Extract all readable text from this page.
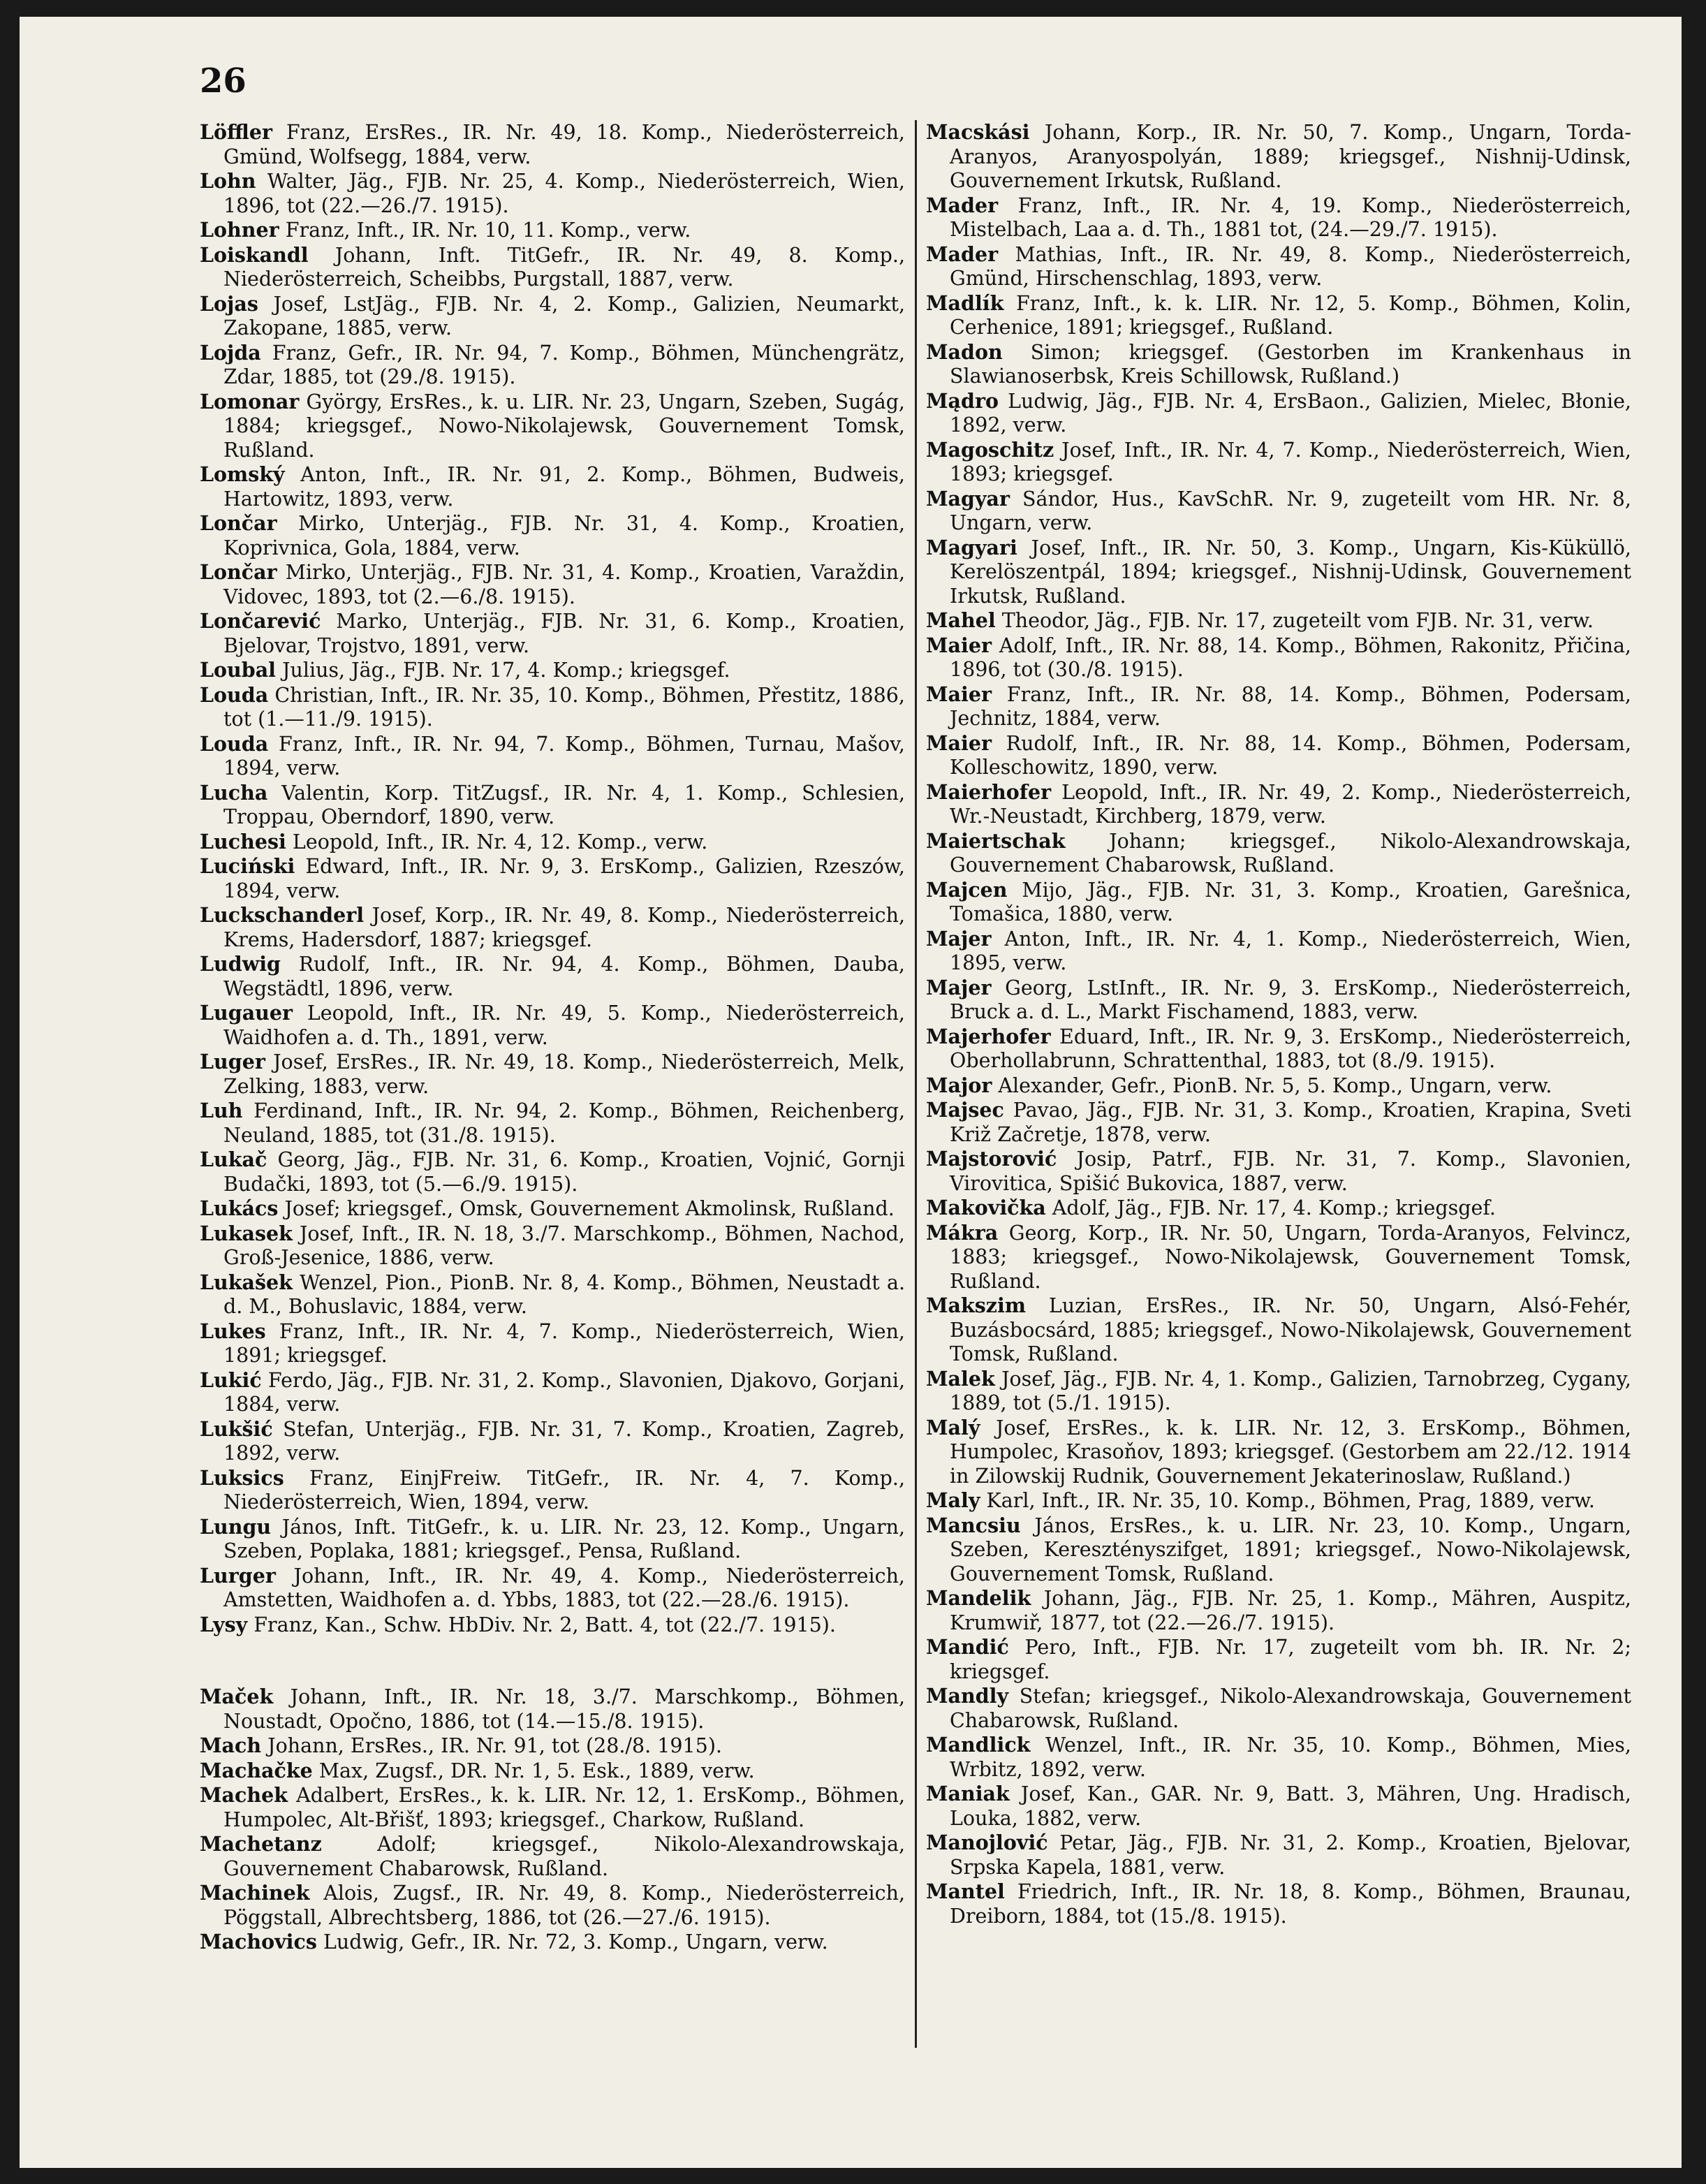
26

Löffler Franz, ErsRes., IR. Nr. 49, 18. Komp., Niederösterreich, Gmünd, Wolfsegg, 1884, verw.

Lohn Walter, Jäg., FJB. Nr. 25, 4. Komp., Niederösterreich, Wien, 1896, tot (22.—26./7. 1915).

Lohner Franz, Inft., IR. Nr. 10, 11. Komp., verw.

Loiskandl Johann, Inft. TitGefr., IR. Nr. 49, 8. Komp., Niederösterreich, Scheibbs, Purgstall, 1887, verw.

Lojas Josef, LstJäg., FJB. Nr. 4, 2. Komp., Galizien, Neumarkt, Zakopane, 1885, verw.

Lojda Franz, Gefr., IR. Nr. 94, 7. Komp., Böhmen, Münchengrätz, Zdar, 1885, tot (29./8. 1915).

Lomonar György, ErsRes., k. u. LIR. Nr. 23, Ungarn, Szeben, Sugág, 1884; kriegsgef., Nowo-Nikolajewsk, Gouvernement Tomsk, Rußland.

Lomský Anton, Inft., IR. Nr. 91, 2. Komp., Böhmen, Budweis, Hartowitz, 1893, verw.

Lončar Mirko, Unterjäg., FJB. Nr. 31, 4. Komp., Kroatien, Koprivnica, Gola, 1884, verw.

Lončar Mirko, Unterjäg., FJB. Nr. 31, 4. Komp., Kroatien, Varaždin, Vidovec, 1893, tot (2.—6./8. 1915).

Lončarević Marko, Unterjäg., FJB. Nr. 31, 6. Komp., Kroatien, Bjelovar, Trojstvo, 1891, verw.

Loubal Julius, Jäg., FJB. Nr. 17, 4. Komp.; kriegsgef.

Louda Christian, Inft., IR. Nr. 35, 10. Komp., Böhmen, Přestitz, 1886, tot (1.—11./9. 1915).

Louda Franz, Inft., IR. Nr. 94, 7. Komp., Böhmen, Turnau, Mašov, 1894, verw.

Lucha Valentin, Korp. TitZugsf., IR. Nr. 4, 1. Komp., Schlesien, Troppau, Oberndorf, 1890, verw.

Luchesi Leopold, Inft., IR. Nr. 4, 12. Komp., verw.

Luciński Edward, Inft., IR. Nr. 9, 3. ErsKomp., Galizien, Rzeszów, 1894, verw.

Luckschanderl Josef, Korp., IR. Nr. 49, 8. Komp., Niederösterreich, Krems, Hadersdorf, 1887; kriegsgef.

Ludwig Rudolf, Inft., IR. Nr. 94, 4. Komp., Böhmen, Dauba, Wegstädtl, 1896, verw.

Lugauer Leopold, Inft., IR. Nr. 49, 5. Komp., Niederösterreich, Waidhofen a. d. Th., 1891, verw.

Luger Josef, ErsRes., IR. Nr. 49, 18. Komp., Niederösterreich, Melk, Zelking, 1883, verw.

Luh Ferdinand, Inft., IR. Nr. 94, 2. Komp., Böhmen, Reichenberg, Neuland, 1885, tot (31./8. 1915).

Lukač Georg, Jäg., FJB. Nr. 31, 6. Komp., Kroatien, Vojnić, Gornji Budački, 1893, tot (5.—6./9. 1915).

Lukács Josef; kriegsgef., Omsk, Gouvernement Akmolinsk, Rußland.

Lukasek Josef, Inft., IR. N. 18, 3./7. Marschkomp., Böhmen, Nachod, Groß-Jesenice, 1886, verw.

Lukašek Wenzel, Pion., PionB. Nr. 8, 4. Komp., Böhmen, Neustadt a. d. M., Bohuslavic, 1884, verw.

Lukes Franz, Inft., IR. Nr. 4, 7. Komp., Niederösterreich, Wien, 1891; kriegsgef.

Lukić Ferdo, Jäg., FJB. Nr. 31, 2. Komp., Slavonien, Djakovo, Gorjani, 1884, verw.

Lukšić Stefan, Unterjäg., FJB. Nr. 31, 7. Komp., Kroatien, Zagreb, 1892, verw.

Luksics Franz, EinjFreiw. TitGefr., IR. Nr. 4, 7. Komp., Niederösterreich, Wien, 1894, verw.

Lungu János, Inft. TitGefr., k. u. LIR. Nr. 23, 12. Komp., Ungarn, Szeben, Poplaka, 1881; kriegsgef., Pensa, Rußland.

Lurger Johann, Inft., IR. Nr. 49, 4. Komp., Niederösterreich, Amstetten, Waidhofen a. d. Ybbs, 1883, tot (22.—28./6. 1915).

Lysy Franz, Kan., Schw. HbDiv. Nr. 2, Batt. 4, tot (22./7. 1915).

Maček Johann, Inft., IR. Nr. 18, 3./7. Marschkomp., Böhmen, Noustadt, Opočno, 1886, tot (14.—15./8. 1915).

Mach Johann, ErsRes., IR. Nr. 91, tot (28./8. 1915).

Machačke Max, Zugsf., DR. Nr. 1, 5. Esk., 1889, verw.

Machek Adalbert, ErsRes., k. k. LIR. Nr. 12, 1. ErsKomp., Böhmen, Humpolec, Alt-Břišť, 1893; kriegsgef., Charkow, Rußland.

Machetanz	Adolf; kriegsgef., Nikolo-Alexandrowskaja, Gouvernement Chabarowsk, Rußland.

Machinek Alois, Zugsf., IR. Nr. 49, 8. Komp., Niederösterreich, Pöggstall, Albrechtsberg, 1886, tot (26.—27./6. 1915).

Machovics Ludwig, Gefr., IR. Nr. 72, 3. Komp., Ungarn, verw.

Macskási Johann, Korp., IR. Nr. 50, 7. Komp., Ungarn, Torda-Aranyos, Aranyospolyán, 1889; kriegsgef., Nishnij-Udinsk, Gouvernement Irkutsk, Rußland.

Mader Franz, Inft., IR. Nr. 4, 19. Komp., Niederösterreich, Mistelbach, Laa a. d. Th., 1881 tot, (24.—29./7. 1915).

Mader Mathias, Inft., IR. Nr. 49, 8. Komp., Niederösterreich, Gmünd, Hirschenschlag, 1893, verw.

Madlík Franz, Inft., k. k. LIR. Nr. 12, 5. Komp., Böhmen, Kolin, Cerhenice, 1891; kriegsgef., Rußland.

Madon Simon; kriegsgef. (Gestorben im Krankenhaus in Slawianoserbsk, Kreis Schillowsk, Rußland.)

Mądro Ludwig, Jäg., FJB. Nr. 4, ErsBaon., Galizien, Mielec, Błonie, 1892, verw.

Magoschitz Josef, Inft., IR. Nr. 4, 7. Komp., Niederösterreich, Wien, 1893; kriegsgef.

Magyar Sándor, Hus., KavSchR. Nr. 9, zugeteilt vom HR. Nr. 8, Ungarn, verw.

Magyari Josef, Inft., IR. Nr. 50, 3. Komp., Ungarn, Kis-Küküllö, Kerelöszentpál, 1894; kriegsgef., Nishnij-Udinsk, Gouvernement Irkutsk, Rußland.

Mahel Theodor, Jäg., FJB. Nr. 17, zugeteilt vom FJB. Nr. 31, verw.

Maier Adolf, Inft., IR. Nr. 88, 14. Komp., Böhmen, Rakonitz, Přičina, 1896, tot (30./8. 1915).

Maier Franz, Inft., IR. Nr. 88, 14. Komp., Böhmen, Podersam, Jechnitz, 1884, verw.

Maier Rudolf, Inft., IR. Nr. 88, 14. Komp., Böhmen, Podersam, Kolleschowitz, 1890, verw.

Maierhofer Leopold, Inft., IR. Nr. 49, 2. Komp., Niederösterreich, Wr.-Neustadt, Kirchberg, 1879, verw.

Maiertschak Johann; kriegsgef., Nikolo-Alexandrowskaja, Gouvernement Chabarowsk, Rußland.

Majcen Mijo, Jäg., FJB. Nr. 31, 3. Komp., Kroatien, Garešnica, Tomašica, 1880, verw.

Majer Anton, Inft., IR. Nr. 4, 1. Komp., Niederösterreich, Wien, 1895, verw.

Majer Georg, LstInft., IR. Nr. 9, 3. ErsKomp., Niederösterreich, Bruck a. d. L., Markt Fischamend, 1883, verw.

Majerhofer Eduard, Inft., IR. Nr. 9, 3. ErsKomp., Niederösterreich, Oberhollabrunn, Schrattenthal, 1883, tot (8./9. 1915).

Major Alexander, Gefr., PionB. Nr. 5, 5. Komp., Ungarn, verw.

Majsec Pavao, Jäg., FJB. Nr. 31, 3. Komp., Kroatien, Krapina, Sveti Križ Začretje, 1878, verw.

Majstorović Josip, Patrf., FJB. Nr. 31, 7. Komp., Slavonien, Virovitica, Spišić Bukovica, 1887, verw.

Makovička Adolf, Jäg., FJB. Nr. 17, 4. Komp.; kriegsgef.

Mákra Georg, Korp., IR. Nr. 50, Ungarn, Torda-Aranyos, Felvincz, 1883; kriegsgef., Nowo-Nikolajewsk, Gouvernement Tomsk, Rußland.

Makszim Luzian, ErsRes., IR. Nr. 50, Ungarn, Alsó-Fehér, Buzásbocsárd, 1885; kriegsgef., Nowo-Nikolajewsk, Gouvernement Tomsk, Rußland.

Malek Josef, Jäg., FJB. Nr. 4, 1. Komp., Galizien, Tarnobrzeg, Cygany, 1889, tot (5./1. 1915).

Malý Josef, ErsRes., k. k. LIR. Nr. 12, 3. ErsKomp., Böhmen, Humpolec, Krasoňov, 1893; kriegsgef. (Gestorbem am 22./12. 1914 in Zilowskij Rudnik, Gouvernement Jekaterinoslaw, Rußland.)

Maly Karl, Inft., IR. Nr. 35, 10. Komp., Böhmen, Prag, 1889, verw.

Mancsiu János, ErsRes., k. u. LIR. Nr. 23, 10. Komp., Ungarn, Szeben, Keresztényszifget, 1891; kriegsgef., Nowo-Nikolajewsk, Gouvernement Tomsk, Rußland.

Mandelik Johann, Jäg., FJB. Nr. 25, 1. Komp., Mähren, Auspitz, Krumwiř, 1877, tot (22.—26./7. 1915).

Mandić Pero, Inft., FJB. Nr. 17, zugeteilt vom bh. IR. Nr. 2; kriegsgef.

Mandly Stefan; kriegsgef., Nikolo-Alexandrowskaja, Gouvernement Chabarowsk, Rußland.

Mandlick Wenzel, Inft., IR. Nr. 35, 10. Komp., Böhmen, Mies, Wrbitz, 1892, verw.

Maniak Josef, Kan., GAR. Nr. 9, Batt. 3, Mähren, Ung. Hradisch, Louka, 1882, verw.

Manojlović Petar, Jäg., FJB. Nr. 31, 2. Komp., Kroatien, Bjelovar, Srpska Kapela, 1881, verw.

Mantel Friedrich, Inft., IR. Nr. 18, 8. Komp., Böhmen, Braunau, Dreiborn, 1884, tot (15./8. 1915).
